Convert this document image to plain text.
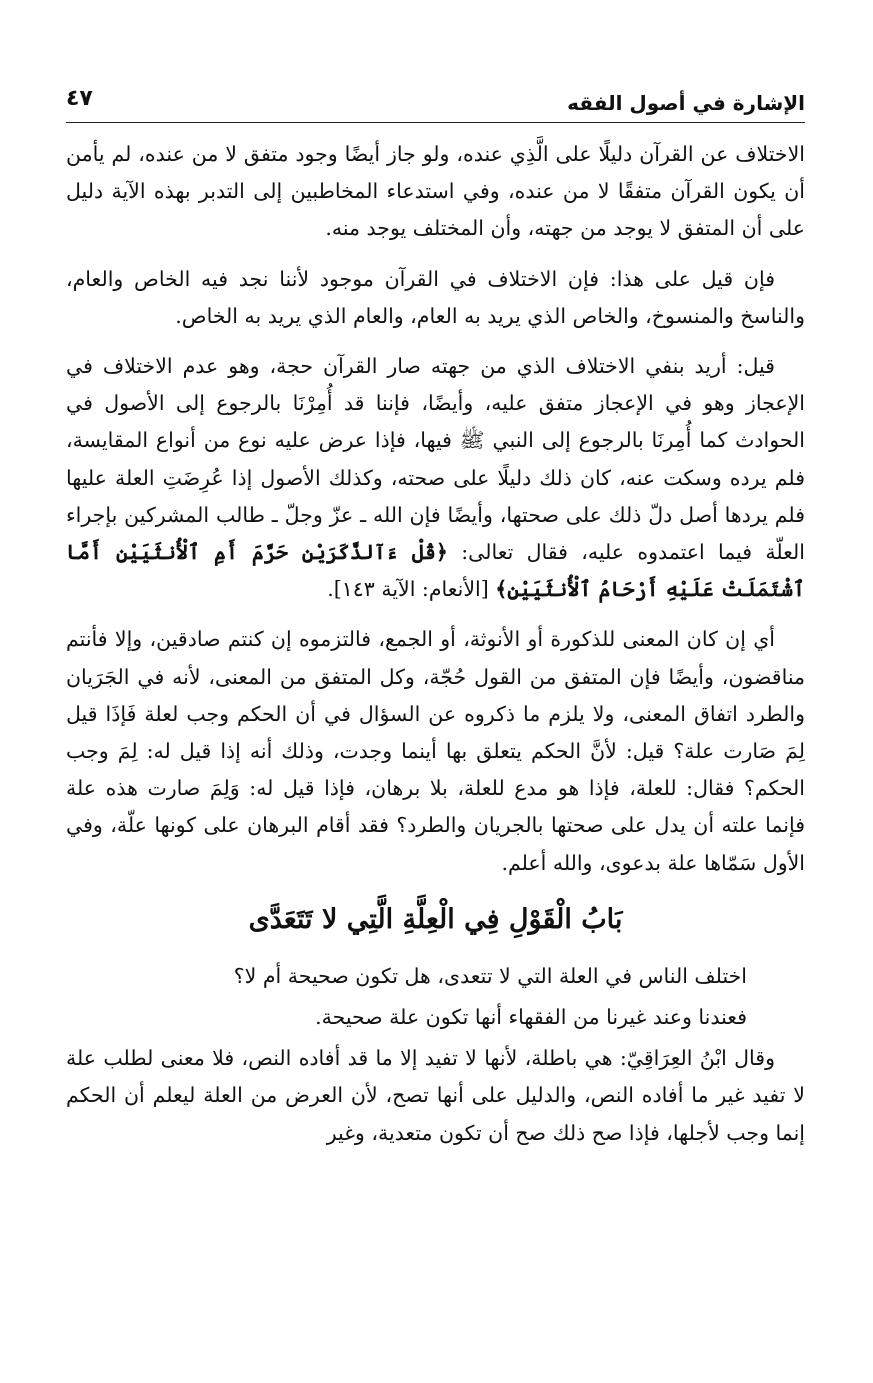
الإشارة في أصول الفقه
٤٧

الاختلاف عن القرآن دليلًا على الَّذِي عنده، ولو جاز أيضًا وجود متفق لا من عنده، لم يأمن أن يكون القرآن متفقًا لا من عنده، وفي استدعاء المخاطبين إلى التدبر بهذه الآية دليل على أن المتفق لا يوجد من جهته، وأن المختلف يوجد منه.

فإن قيل على هذا: فإن الاختلاف في القرآن موجود لأننا نجد فيه الخاص والعام، والناسخ والمنسوخ، والخاص الذي يريد به العام، والعام الذي يريد به الخاص.

قيل: أريد بنفي الاختلاف الذي من جهته صار القرآن حجة، وهو عدم الاختلاف في الإعجاز وهو في الإعجاز متفق عليه، وأيضًا، فإننا قد أُمِرْنَا بالرجوع إلى الأصول في الحوادث كما أُمِرنَا بالرجوع إلى النبي ﷺ فيها، فإذا عرض عليه نوع من أنواع المقايسة، فلم يرده وسكت عنه، كان ذلك دليلًا على صحته، وكذلك الأصول إذا عُرِضَتِ العلة عليها فلم يردها أصل دلّ ذلك على صحتها، وأيضًا فإن الله ـ عزّ وجلّ ـ طالب المشركين بإجراء العلّة فيما اعتمدوه عليه، فقال تعالى: ﴿قُلْ ءَآلذَّكَرَيْنِ حَرَّمَ أَمِ ٱلْأُنثَيَيْنِ أَمَّا ٱشْتَمَلَتْ عَلَيْهِ أَرْحَامُ ٱلْأُنثَيَيْنِ﴾ [الأنعام: الآية ١٤٣].

أي إن كان المعنى للذكورة أو الأنوثة، أو الجمع، فالتزموه إن كنتم صادقين، وإلا فأنتم مناقضون، وأيضًا فإن المتفق من القول حُجّة، وكل المتفق من المعنى، لأنه في الجَرَيان والطرد اتفاق المعنى، ولا يلزم ما ذكروه عن السؤال في أن الحكم وجب لعلة فَإذَا قيل لِمَ صَارت علة؟ قيل: لأنَّ الحكم يتعلق بها أينما وجدت، وذلك أنه إذا قيل له: لِمَ وجب الحكم؟ فقال: للعلة، فإذا هو مدع للعلة، بلا برهان، فإذا قيل له: وَلِمَ صارت هذه علة فإنما علته أن يدل على صحتها بالجريان والطرد؟ فقد أقام البرهان على كونها علّة، وفي الأول سَمّاها علة بدعوى، والله أعلم.

بَابُ الْقَوْلِ فِي الْعِلَّةِ الَّتِي لا تَتَعَدَّى

اختلف الناس في العلة التي لا تتعدى، هل تكون صحيحة أم لا؟

فعندنا وعند غيرنا من الفقهاء أنها تكون علة صحيحة.

وقال ابْنُ العِرَاقِيّ: هي باطلة، لأنها لا تفيد إلا ما قد أفاده النص، فلا معنى لطلب علة لا تفيد غير ما أفاده النص، والدليل على أنها تصح، لأن العرض من العلة ليعلم أن الحكم إنما وجب لأجلها، فإذا صح ذلك صح أن تكون متعدية، وغير
